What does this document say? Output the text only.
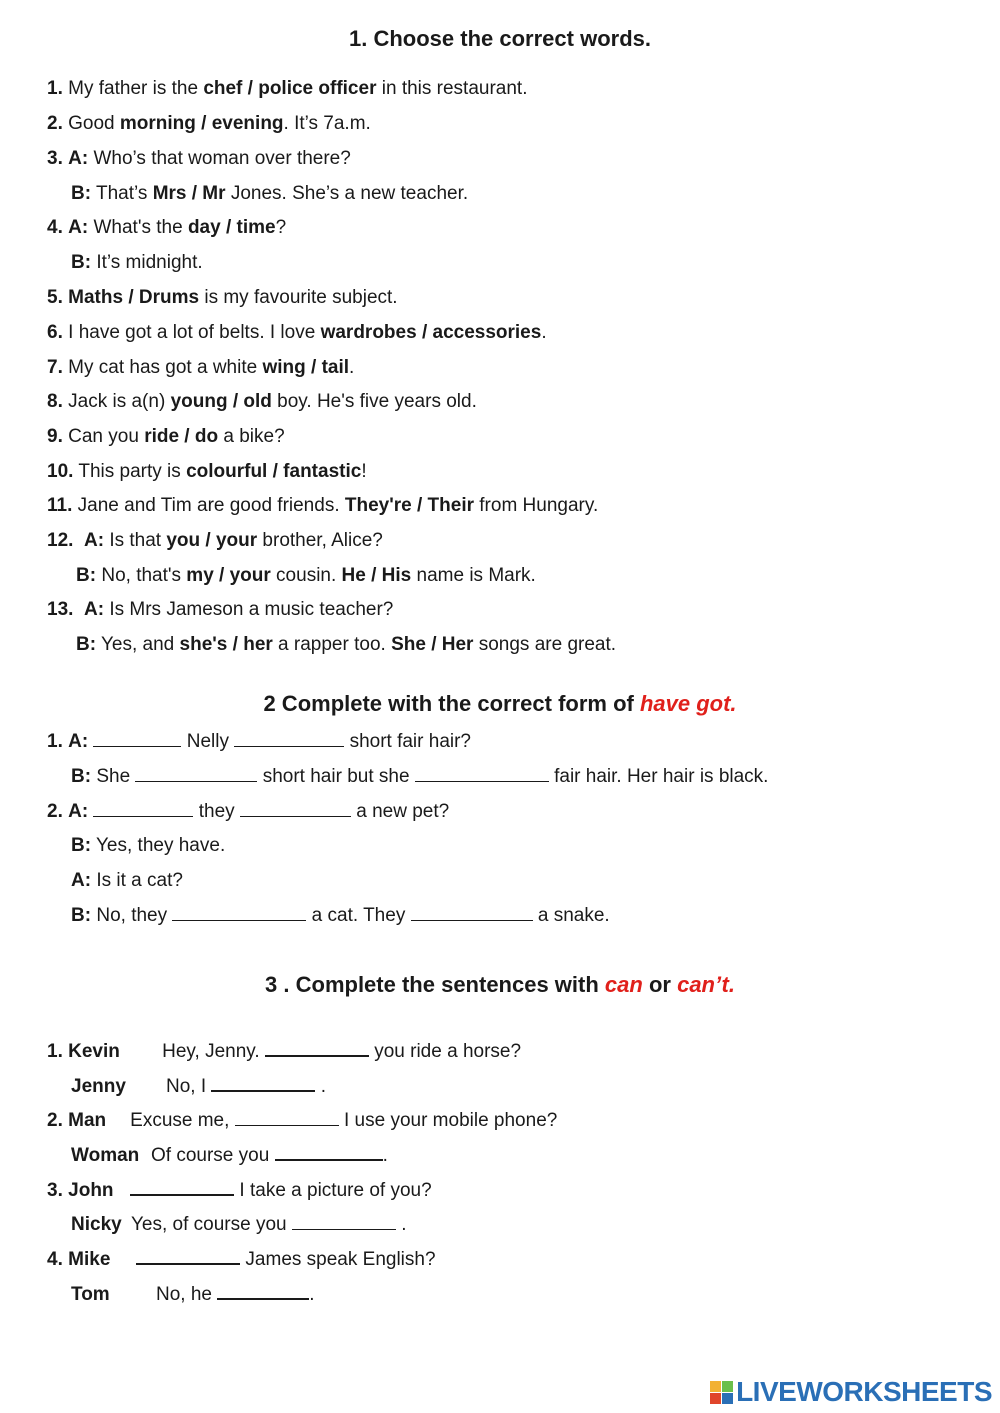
1. Choose the correct words.
1. My father is the chef / police officer in this restaurant.
2. Good morning / evening. It’s 7a.m.
3. A: Who’s that woman over there?
B: That’s Mrs / Mr Jones. She’s a new teacher.
4. A: What's the day / time?
B: It’s midnight.
5. Maths / Drums is my favourite subject.
6. I have got a lot of belts. I love wardrobes / accessories.
7. My cat has got a white wing / tail.
8. Jack is a(n) young / old boy. He's five years old.
9. Can you ride / do a bike?
10. This party is colourful / fantastic!
11. Jane and Tim are good friends. They're / Their from Hungary.
12. A: Is that you / your brother, Alice?
B: No, that's my / your cousin. He / His name is Mark.
13. A: Is Mrs Jameson a music teacher?
B: Yes, and she's / her a rapper too. She / Her songs are great.
2 Complete with the correct form of have got.
1. A:	Nelly	short fair hair?
B: She	short hair but she	fair hair. Her hair is black.
2. A:	they	a new pet?
B: Yes, they have.
A: Is it a cat?
B: No, they	a cat. They	a snake.
3 . Complete the sentences with can or can’t.
1. Kevin Hey, Jenny.	you ride a horse?
Jenny No, I	.
2. Man Excuse me,	I use your mobile phone?
Woman Of course you	.
3. John	I take a picture of you?
Nicky Yes, of course you	.
4. Mike	James speak English?
Tom No, he	.
LIVEWORKSHEETS
